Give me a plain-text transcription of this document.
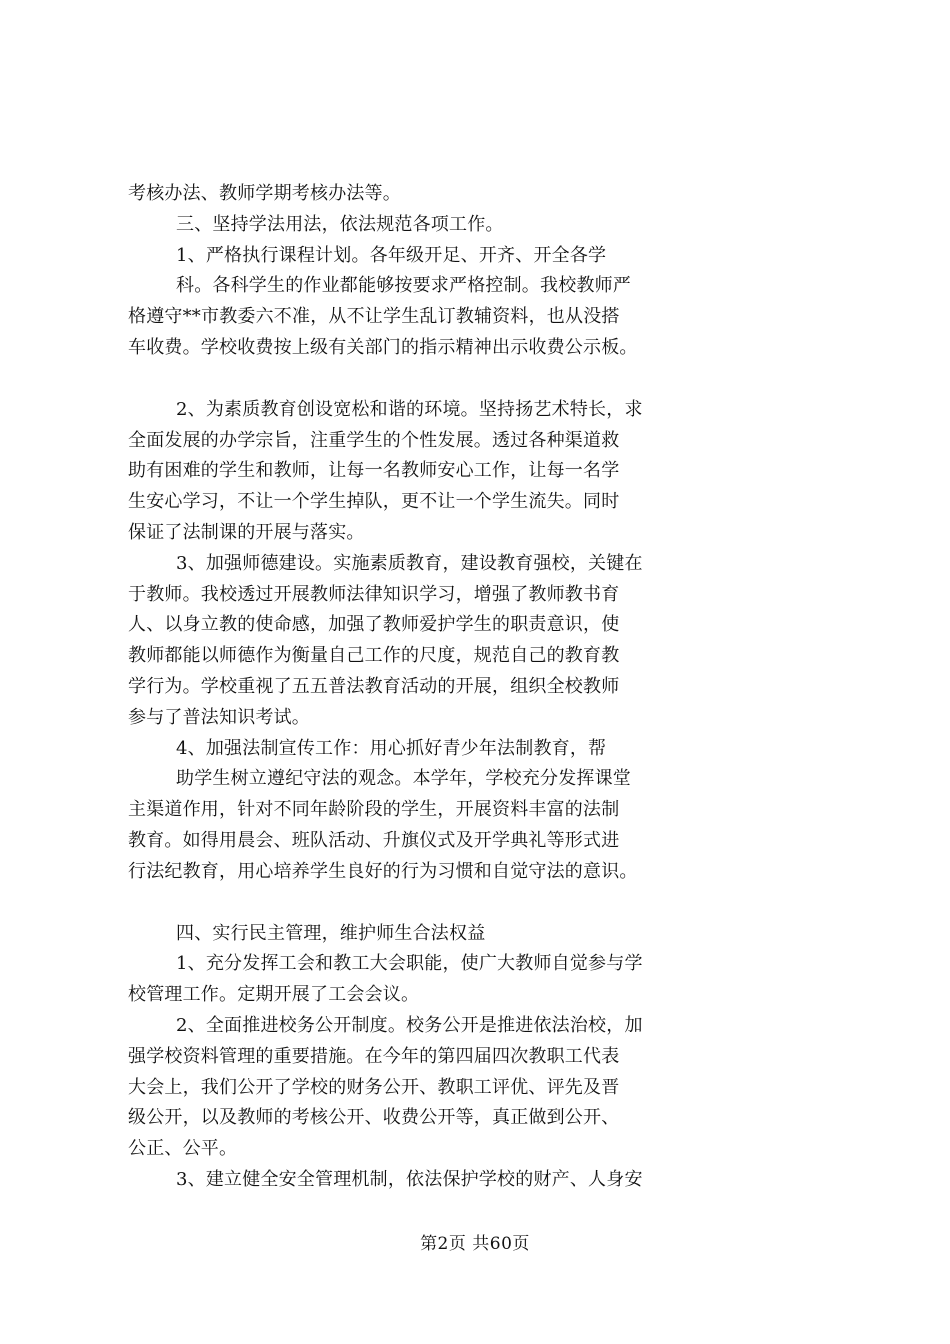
考核办法、教师学期考核办法等。
三、坚持学法用法，依法规范各项工作。
1、严格执行课程计划。各年级开足、开齐、开全各学
科。各科学生的作业都能够按要求严格控制。我校教师严
格遵守**市教委六不准，从不让学生乱订教辅资料，也从没搭
车收费。学校收费按上级有关部门的指示精神出示收费公示板。
2、为素质教育创设宽松和谐的环境。坚持扬艺术特长，求
全面发展的办学宗旨，注重学生的个性发展。透过各种渠道救
助有困难的学生和教师，让每一名教师安心工作，让每一名学
生安心学习，不让一个学生掉队，更不让一个学生流失。同时
保证了法制课的开展与落实。
3、加强师德建设。实施素质教育，建设教育强校，关键在
于教师。我校透过开展教师法律知识学习，增强了教师教书育
人、以身立教的使命感，加强了教师爱护学生的职责意识，使
教师都能以师德作为衡量自己工作的尺度，规范自己的教育教
学行为。学校重视了五五普法教育活动的开展，组织全校教师
参与了普法知识考试。
4、加强法制宣传工作：用心抓好青少年法制教育，帮
助学生树立遵纪守法的观念。本学年，学校充分发挥课堂
主渠道作用，针对不同年龄阶段的学生，开展资料丰富的法制
教育。如得用晨会、班队活动、升旗仪式及开学典礼等形式进
行法纪教育，用心培养学生良好的行为习惯和自觉守法的意识。
四、实行民主管理，维护师生合法权益
1、充分发挥工会和教工大会职能，使广大教师自觉参与学
校管理工作。定期开展了工会会议。
2、全面推进校务公开制度。校务公开是推进依法治校，加
强学校资料管理的重要措施。在今年的第四届四次教职工代表
大会上，我们公开了学校的财务公开、教职工评优、评先及晋
级公开，以及教师的考核公开、收费公开等，真正做到公开、
公正、公平。
3、建立健全安全管理机制，依法保护学校的财产、人身安
第2页 共60页
